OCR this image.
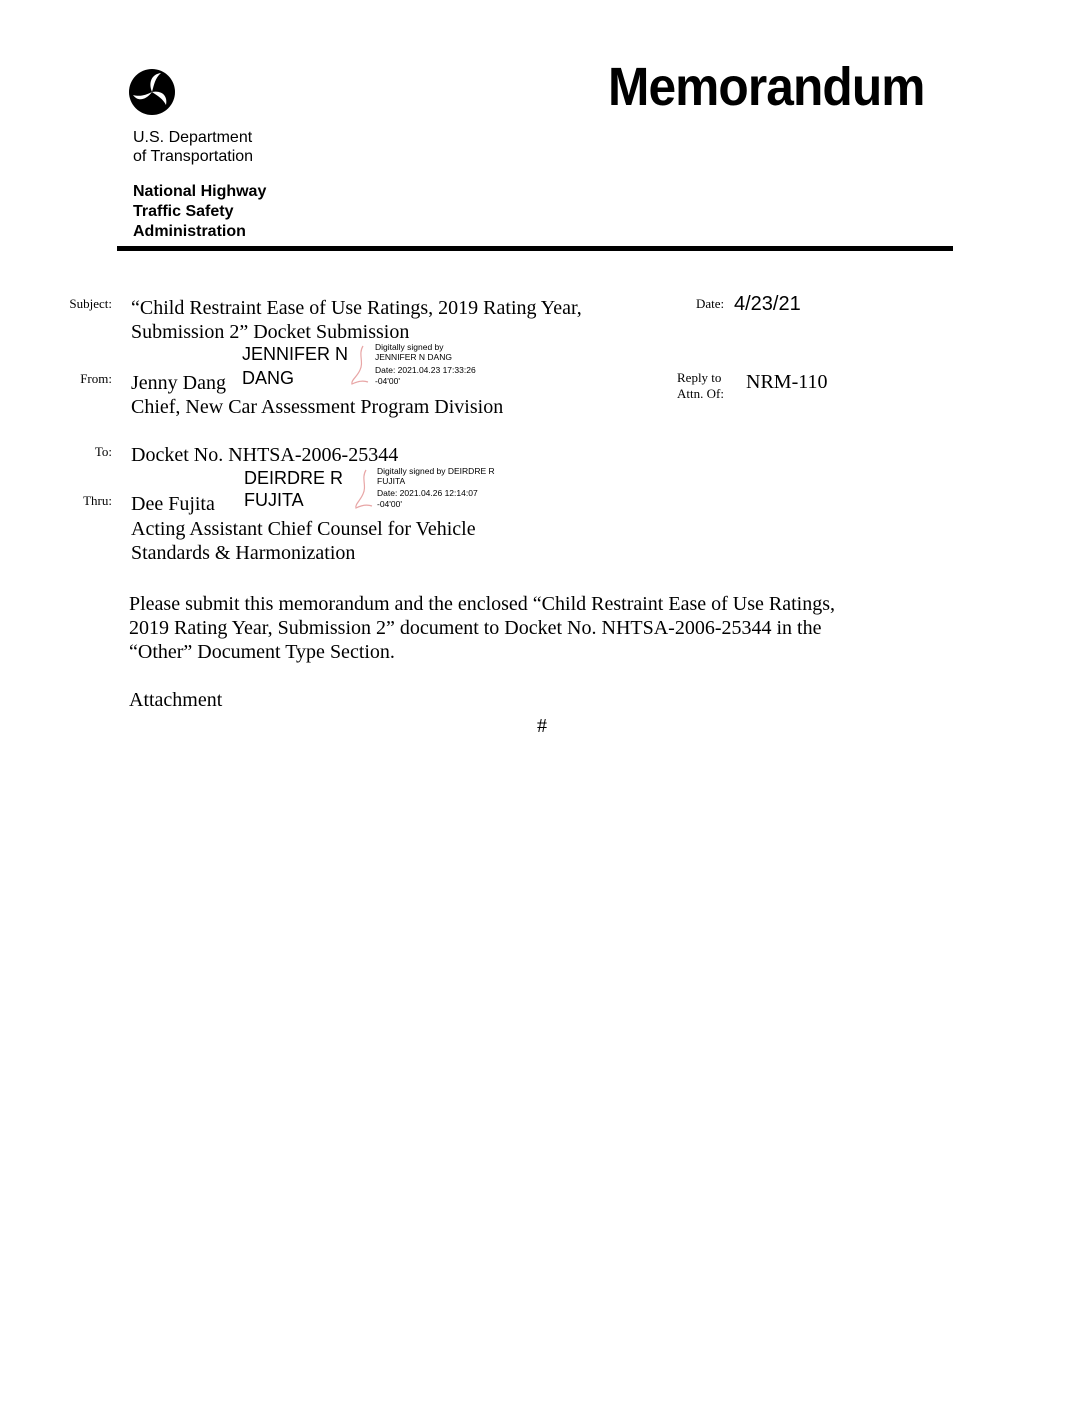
Memorandum
U.S. Department
of Transportation
National Highway
Traffic Safety
Administration
Subject: “Child Restraint Ease of Use Ratings, 2019 Rating Year,
Submission 2” Docket Submission
Date: 4/23/21
JENNIFER N
DANG
Digitally signed by
JENNIFER N DANG
Date: 2021.04.23 17:33:26
-04'00'
From: Jenny Dang
Chief, New Car Assessment Program Division
Reply to
Attn. Of:
NRM-110
To: Docket No. NHTSA-2006-25344
DEIRDRE R
FUJITA
Digitally signed by DEIRDRE R
FUJITA
Date: 2021.04.26 12:14:07
-04'00'
Thru: Dee Fujita
Acting Assistant Chief Counsel for Vehicle
Standards & Harmonization
Please submit this memorandum and the enclosed “Child Restraint Ease of Use Ratings,
2019 Rating Year, Submission 2” document to Docket No. NHTSA-2006-25344 in the
“Other” Document Type Section.
Attachment
#
